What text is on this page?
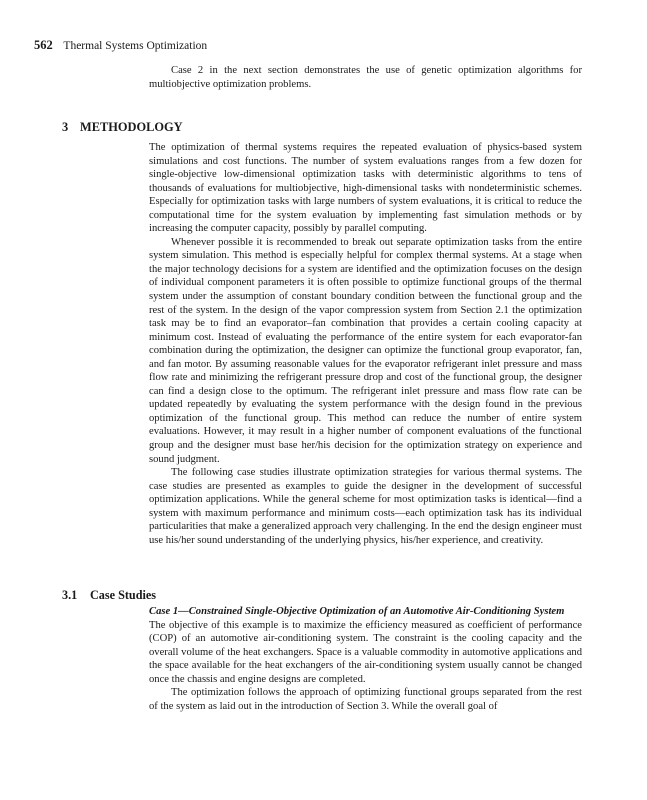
562 Thermal Systems Optimization

Case 2 in the next section demonstrates the use of genetic optimization algorithms for multiobjective optimization problems.

3 METHODOLOGY

The optimization of thermal systems requires the repeated evaluation of physics-based system simulations and cost functions. The number of system evaluations ranges from a few dozen for single-objective low-dimensional optimization tasks with deterministic algorithms to tens of thousands of evaluations for multiobjective, high-dimensional tasks with nondeterministic schemes. Especially for optimization tasks with large numbers of system evaluations, it is critical to reduce the computational time for the system evaluation by implementing fast simulation methods or by increasing the computer capacity, possibly by parallel computing.

Whenever possible it is recommended to break out separate optimization tasks from the entire system simulation. This method is especially helpful for complex thermal systems. At a stage when the major technology decisions for a system are identified and the optimization focuses on the design of individual component parameters it is often possible to optimize functional groups of the thermal system under the assumption of constant boundary condition between the functional group and the rest of the system. In the design of the vapor compression system from Section 2.1 the optimization task may be to find an evaporator–fan combination that provides a certain cooling capacity at minimum cost. Instead of evaluating the performance of the entire system for each evaporator-fan combination during the optimization, the designer can optimize the functional group evaporator, fan, and fan motor. By assuming reasonable values for the evaporator refrigerant inlet pressure and mass flow rate and minimizing the refrigerant pressure drop and cost of the functional group, the designer can find a design close to the optimum. The refrigerant inlet pressure and mass flow rate can be updated repeatedly by evaluating the system performance with the design found in the previous optimization of the functional group. This method can reduce the number of entire system evaluations. However, it may result in a higher number of component evaluations of the functional group and the designer must base her/his decision for the optimization strategy on experience and sound judgment.

The following case studies illustrate optimization strategies for various thermal systems. The case studies are presented as examples to guide the designer in the development of successful optimization applications. While the general scheme for most optimization tasks is identical—find a system with maximum performance and minimum costs—each optimization task has its individual particularities that make a generalized approach very challenging. In the end the design engineer must use his/her sound understanding of the underlying physics, his/her experience, and creativity.

3.1 Case Studies

Case 1—Constrained Single-Objective Optimization of an Automotive Air-Conditioning System

The objective of this example is to maximize the efficiency measured as coefficient of performance (COP) of an automotive air-conditioning system. The constraint is the cooling capacity and the overall volume of the heat exchangers. Space is a valuable commodity in automotive applications and the space available for the heat exchangers of the air-conditioning system usually cannot be changed once the chassis and engine designs are completed.

The optimization follows the approach of optimizing functional groups separated from the rest of the system as laid out in the introduction of Section 3. While the overall goal of
